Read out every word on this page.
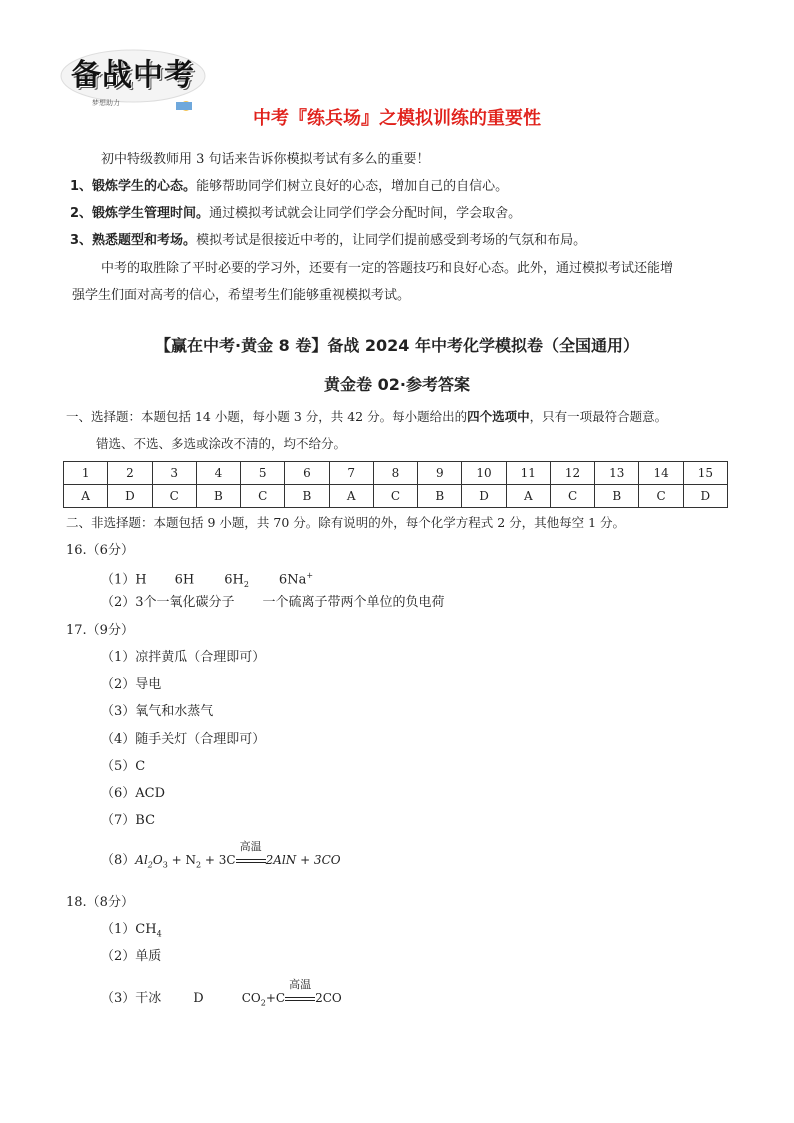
备战中考
梦想助力
中考『练兵场』之模拟训练的重要性
初中特级教师用 3 句话来告诉你模拟考试有多么的重要！
1、锻炼学生的心态。能够帮助同学们树立良好的心态，增加自己的自信心。
2、锻炼学生管理时间。通过模拟考试就会让同学们学会分配时间，学会取舍。
3、熟悉题型和考场。模拟考试是很接近中考的，让同学们提前感受到考场的气氛和布局。
中考的取胜除了平时必要的学习外，还要有一定的答题技巧和良好心态。此外，通过模拟考试还能增
强学生们面对高考的信心，希望考生们能够重视模拟考试。
【赢在中考·黄金 8 卷】备战 2024 年中考化学模拟卷（全国通用）
黄金卷 02·参考答案
一、选择题：本题包括 14 小题，每小题 3 分，共 42 分。每小题给出的四个选项中，只有一项最符合题意。
错选、不选、多选或涂改不清的，均不给分。
1	2	3	4	5	6	7	8	9	10	11	12	13	14	15
A	D	C	B	C	B	A	C	B	D	A	C	B	C	D
二、非选择题：本题包括 9 小题，共 70 分。除有说明的外，每个化学方程式 2 分，其他每空 1 分。
16.（6分）
（1）H 6H $6H_2$ 6Na+
（2）3个一氧化碳分子 一个硫离子带两个单位的负电荷
17.（9分）
（1）凉拌黄瓜（合理即可）
（2）导电
（3）氧气和水蒸气
（4）随手关灯（合理即可）
（5）C
（6）ACD
（7）BC
$(8)Al_2O_3 + N_2 + 3C$
高温
2AlN + 3CO
18.（8分）
$(1)CH_4$
（2）单质
（3）干冰 D	$CO_2+C$
高温
2CO
